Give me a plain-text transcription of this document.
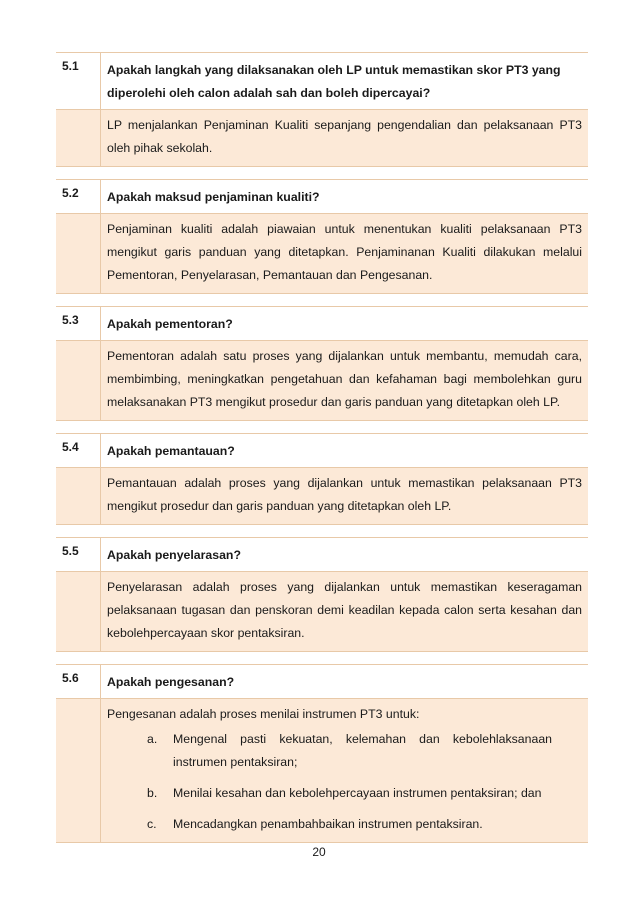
5.1	Apakah langkah yang dilaksanakan oleh LP untuk memastikan skor PT3 yang diperolehi oleh calon adalah sah dan boleh dipercayai?
LP menjalankan Penjaminan Kualiti sepanjang pengendalian dan pelaksanaan PT3 oleh pihak sekolah.
5.2	Apakah maksud penjaminan kualiti?
Penjaminan kualiti adalah piawaian untuk menentukan kualiti pelaksanaan PT3 mengikut garis panduan yang ditetapkan. Penjaminanan Kualiti dilakukan melalui Pementoran, Penyelarasan, Pemantauan dan Pengesanan.
5.3	Apakah pementoran?
Pementoran adalah satu proses yang dijalankan untuk membantu, memudah cara, membimbing, meningkatkan pengetahuan dan kefahaman bagi membolehkan guru melaksanakan PT3 mengikut prosedur dan garis panduan yang ditetapkan oleh LP.
5.4	Apakah pemantauan?
Pemantauan adalah proses yang dijalankan untuk memastikan pelaksanaan PT3 mengikut prosedur dan garis panduan yang ditetapkan oleh LP.
5.5	Apakah penyelarasan?
Penyelarasan adalah proses yang dijalankan untuk memastikan keseragaman pelaksanaan tugasan dan penskoran demi keadilan kepada calon serta kesahan dan kebolehpercayaan skor pentaksiran.
5.6	Apakah pengesanan?
Pengesanan adalah proses menilai instrumen PT3 untuk:
a.	Mengenal pasti kekuatan, kelemahan dan kebolehlaksanaan instrumen pentaksiran;
b.	Menilai kesahan dan kebolehpercayaan instrumen pentaksiran; dan
c.	Mencadangkan penambahbaikan instrumen pentaksiran.
20
